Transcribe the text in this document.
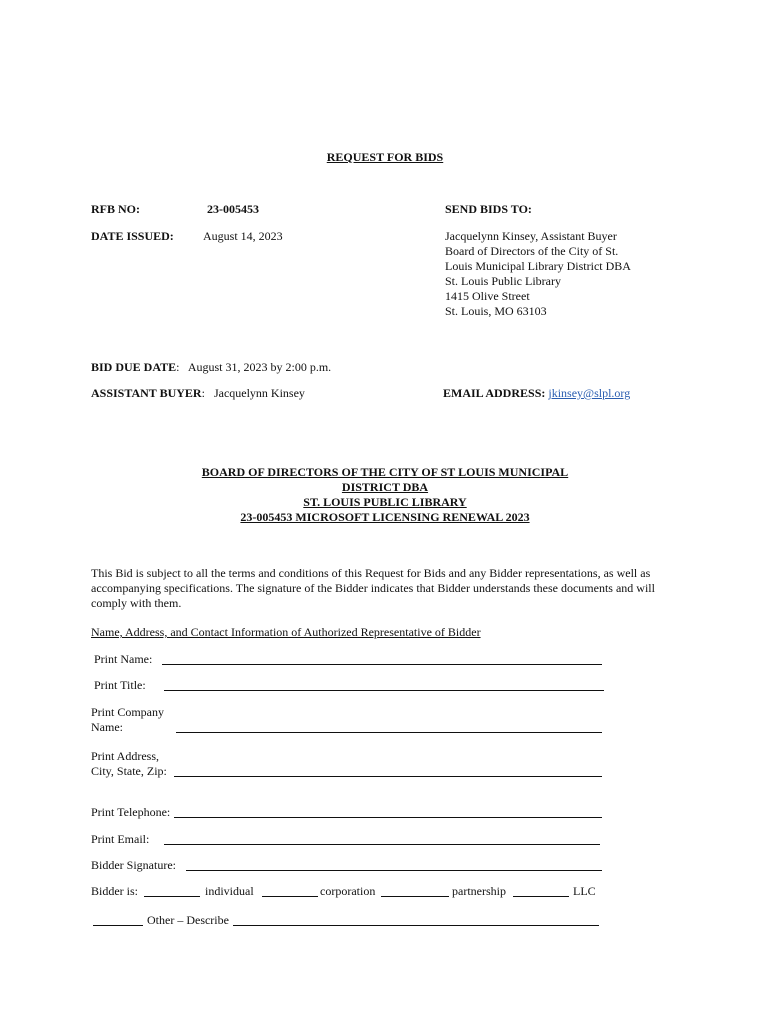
REQUEST FOR BIDS
RFB NO:	23-005453
DATE ISSUED: August 14, 2023
SEND BIDS TO:
Jacquelynn Kinsey, Assistant Buyer
Board of Directors of the City of St.
Louis Municipal Library District DBA
St. Louis Public Library
1415 Olive Street
St. Louis, MO 63103
BID DUE DATE: August 31, 2023 by 2:00 p.m.
ASSISTANT BUYER: Jacquelynn Kinsey	EMAIL ADDRESS: jkinsey@slpl.org
BOARD OF DIRECTORS OF THE CITY OF ST LOUIS MUNICIPAL
DISTRICT DBA
ST. LOUIS PUBLIC LIBRARY
23-005453 MICROSOFT LICENSING RENEWAL 2023
This Bid is subject to all the terms and conditions of this Request for Bids and any Bidder representations, as well as accompanying specifications. The signature of the Bidder indicates that Bidder understands these documents and will comply with them.
Name, Address, and Contact Information of Authorized Representative of Bidder
Print Name:
Print Title:
Print Company
Name:
Print Address,
City, State, Zip:
Print Telephone:
Print Email:
Bidder Signature:
Bidder is:	individual	corporation	partnership	LLC
Other – Describe
